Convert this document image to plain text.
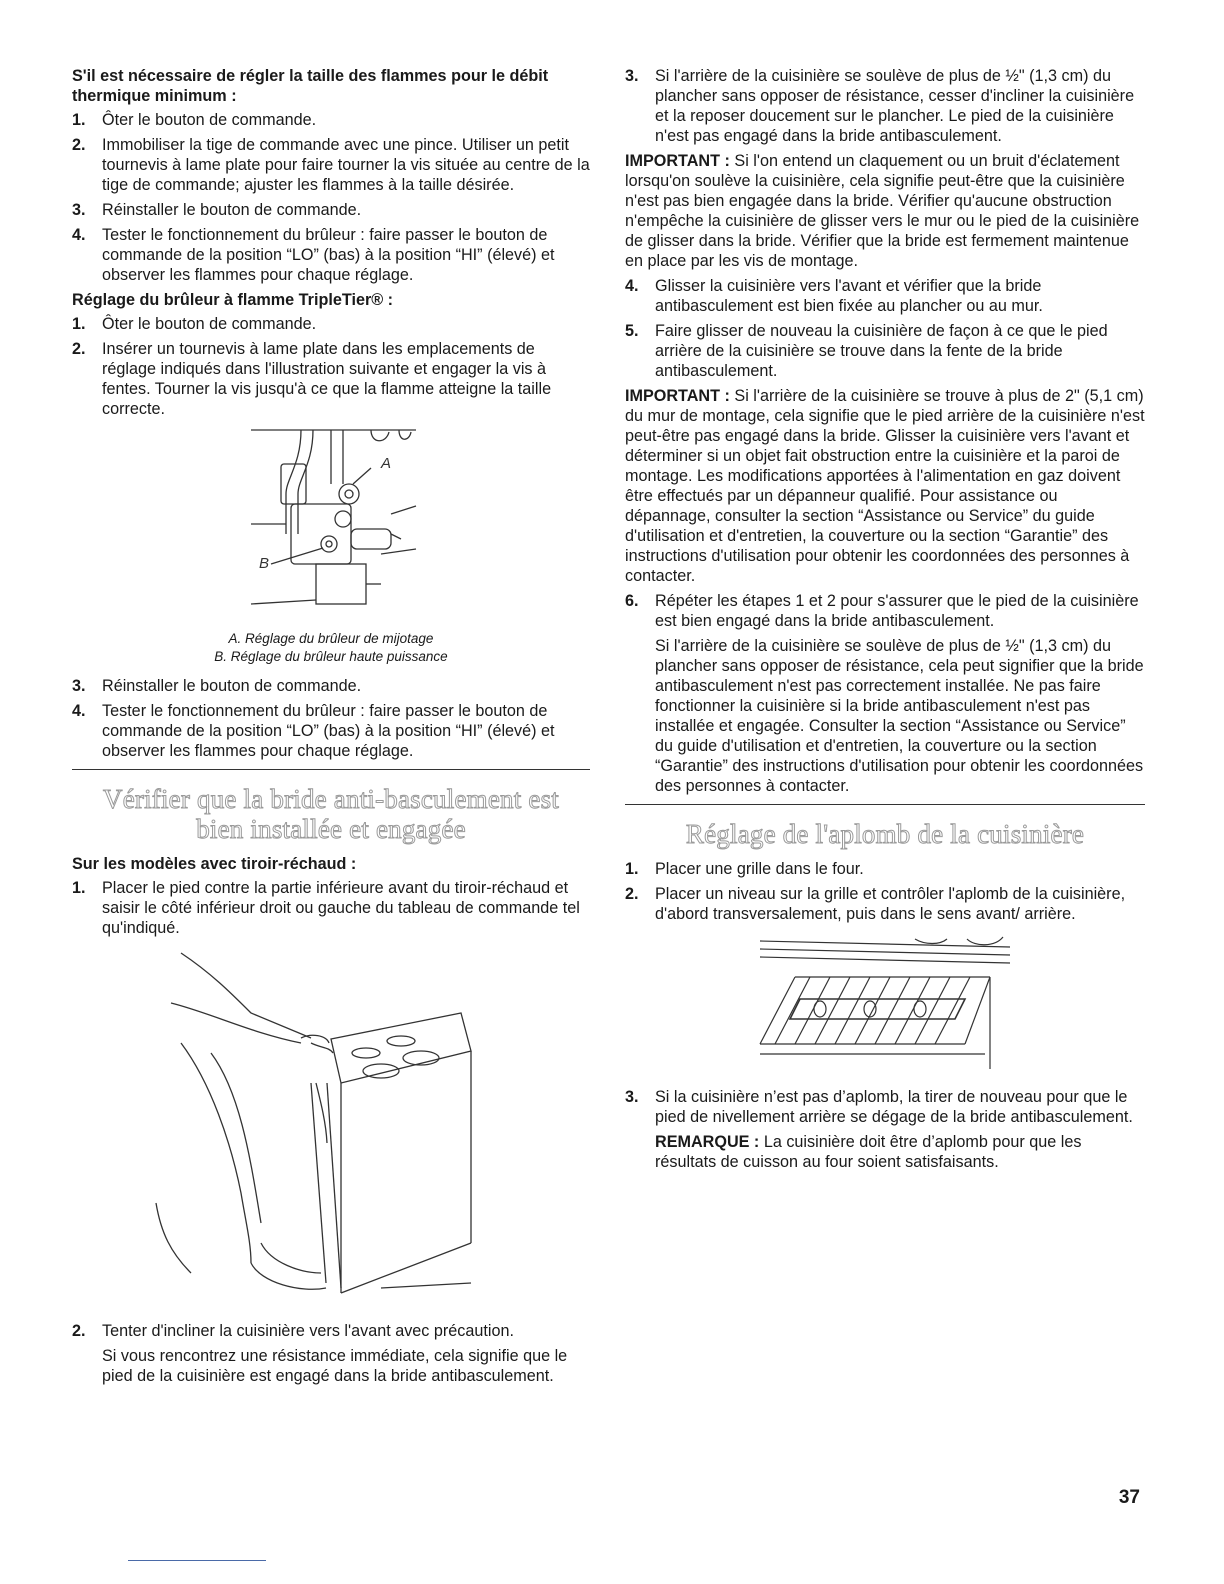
S'il est nécessaire de régler la taille des flammes pour le débit thermique minimum :

1. Ôter le bouton de commande.
2. Immobiliser la tige de commande avec une pince. Utiliser un petit tournevis à lame plate pour faire tourner la vis située au centre de la tige de commande; ajuster les flammes à la taille désirée.
3. Réinstaller le bouton de commande.
4. Tester le fonctionnement du brûleur : faire passer le bouton de commande de la position “LO” (bas) à la position “HI” (élevé) et observer les flammes pour chaque réglage.

Réglage du brûleur à flamme TripleTier® :

1. Ôter le bouton de commande.
2. Insérer un tournevis à lame plate dans les emplacements de réglage indiqués dans l'illustration suivante et engager la vis à fentes. Tourner la vis jusqu'à ce que la flamme atteigne la taille correcte.
A
B
A. Réglage du brûleur de mijotage
B. Réglage du brûleur haute puissance
3. Réinstaller le bouton de commande.
4. Tester le fonctionnement du brûleur : faire passer le bouton de commande de la position “LO” (bas) à la position “HI” (élevé) et observer les flammes pour chaque réglage.
Vérifier que la bride anti-basculement est
bien installée et engagée

Sur les modèles avec tiroir-réchaud :

1. Placer le pied contre la partie inférieure avant du tiroir-réchaud et saisir le côté inférieur droit ou gauche du tableau de commande tel qu'indiqué.
2. Tenter d'incliner la cuisinière vers l'avant avec précaution.

Si vous rencontrez une résistance immédiate, cela signifie que le pied de la cuisinière est engagé dans la bride antibasculement.

3. Si l'arrière de la cuisinière se soulève de plus de ½" (1,3 cm) du plancher sans opposer de résistance, cesser d'incliner la cuisinière et la reposer doucement sur le plancher. Le pied de la cuisinière n'est pas engagé dans la bride antibasculement.

IMPORTANT : Si l'on entend un claquement ou un bruit d'éclatement lorsqu'on soulève la cuisinière, cela signifie peut-être que la cuisinière n'est pas bien engagée dans la bride. Vérifier qu'aucune obstruction n'empêche la cuisinière de glisser vers le mur ou le pied de la cuisinière de glisser dans la bride. Vérifier que la bride est fermement maintenue en place par les vis de montage.

4. Glisser la cuisinière vers l'avant et vérifier que la bride antibasculement est bien fixée au plancher ou au mur.
5. Faire glisser de nouveau la cuisinière de façon à ce que le pied arrière de la cuisinière se trouve dans la fente de la bride antibasculement.

IMPORTANT : Si l'arrière de la cuisinière se trouve à plus de 2" (5,1 cm) du mur de montage, cela signifie que le pied arrière de la cuisinière n'est peut-être pas engagé dans la bride. Glisser la cuisinière vers l'avant et déterminer si un objet fait obstruction entre la cuisinière et la paroi de montage. Les modifications apportées à l'alimentation en gaz doivent être effectués par un dépanneur qualifié. Pour assistance ou dépannage, consulter la section “Assistance ou Service” du guide d'utilisation et d'entretien, la couverture ou la section “Garantie” des instructions d'utilisation pour obtenir les coordonnées des personnes à contacter.

6. Répéter les étapes 1 et 2 pour s'assurer que le pied de la cuisinière est bien engagé dans la bride antibasculement.

Si l'arrière de la cuisinière se soulève de plus de ½" (1,3 cm) du plancher sans opposer de résistance, cela peut signifier que la bride antibasculement n'est pas correctement installée. Ne pas faire fonctionner la cuisinière si la bride antibasculement n'est pas installée et engagée. Consulter la section “Assistance ou Service” du guide d'utilisation et d'entretien, la couverture ou la section “Garantie” des instructions d'utilisation pour obtenir les coordonnées des personnes à contacter.

Réglage de l'aplomb de la cuisinière
1. Placer une grille dans le four.
2. Placer un niveau sur la grille et contrôler l'aplomb de la cuisinière, d'abord transversalement, puis dans le sens avant/ arrière.
3. Si la cuisinière n’est pas d’aplomb, la tirer de nouveau pour que le pied de nivellement arrière se dégage de la bride antibasculement.

REMARQUE : La cuisinière doit être d’aplomb pour que les résultats de cuisson au four soient satisfaisants.

37
